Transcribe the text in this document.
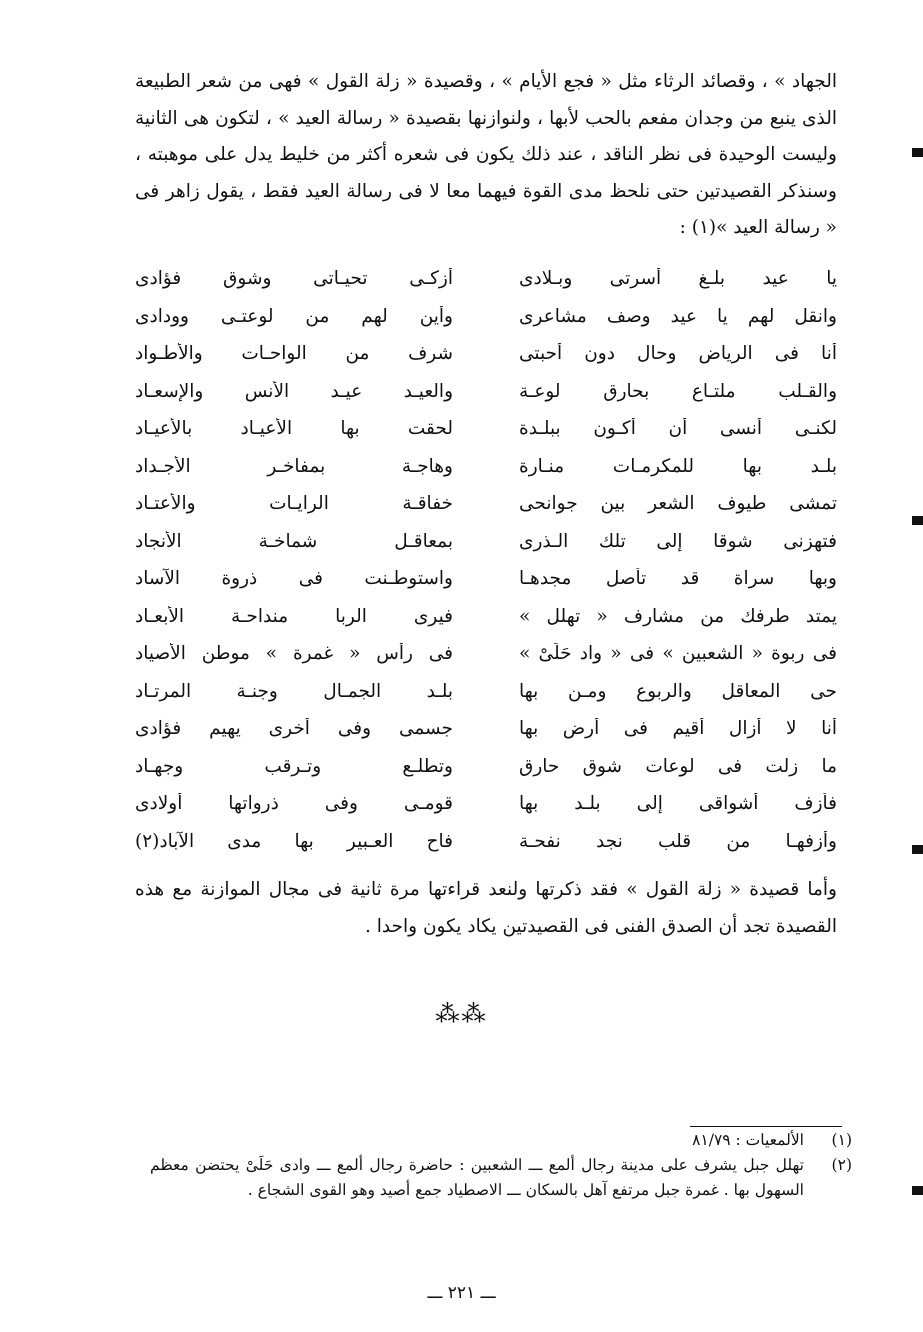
الجهاد » ، وقصائد الرثاء مثل « فجع الأيام » ، وقصيدة « زلة القول » فهى من شعر الطبيعة الذى ينبع من وجدان مفعم بالحب لأبها ، ولنوازنها بقصيدة « رسالة العيد » ، لتكون هى الثانية وليست الوحيدة فى نظر الناقد ، عند ذلك يكون فى شعره أكثر من خليط يدل على موهبته ، وسنذكر القصيدتين حتى نلحظ مدى القوة فيهما معا لا فى رسالة العيد فقط ، يقول زاهر فى « رسالة العيد »(١) :

يا عيد بلـغ أسرتى وبـلادى
أزكـى تحيـاتى وشوق فؤادى
وانقل لهم يا عيد وصف مشاعرى
وأين لهم من لوعتـى وودادى
أنا فى الرياض وحال دون أحبتى
شرف من الواحـات والأطـواد
والقـلب ملتـاع بحارق لوعـة
والعيـد عيـد الأنس والإسعـاد
لكنـى أنسى أن أكـون ببلـدة
لحقت بها الأعيـاد بالأعيـاد
بلـد بها للمكرمـات منـارة
وهاجـة بمفاخـر الأجـداد
تمشى طيوف الشعر بين جوانحى
خفاقـة الرايـات والأعتـاد
فتهزنى شوقا إلى تلك الـذرى
بمعاقـل شماخـة الأنجاد
وبها سراة قد تأصل مجدهـا
واستوطـنت فى ذروة الآساد
يمتد طرفك من مشارف « تهلل »
فيرى الربا منداحـة الأبعـاد
فى ربوة « الشعبين » فى « واد حَلَىْ »
فى رأس « غمرة » موطن الأصياد
حى المعاقل والربوع ومـن بها
بلـد الجمـال وجنـة المرتـاد
أنا لا أزال أقيم فى أرض بها
جسمى وفى أخرى يهيم فؤادى
ما زلت فى لوعات شوق حارق
وتطلـع وتـرقب وجهـاد
فأزف أشواقى إلى بلـد بها
قومـى وفى ذرواتها أولادى
وأزفهـا من قلب نجد نفحـة
فاح العـبير بها مدى الآباد(٢)

وأما قصيدة « زلة القول » فقد ذكرتها ولنعد قراءتها مرة ثانية فى مجال الموازنة مع هذه القصيدة تجد أن الصدق الفنى فى القصيدتين يكاد يكون واحدا .

⁂⁂
(١)
الألمعيات : ٨١/٧٩
(٢)
تهلل جبل يشرف على مدينة رجال ألمع ـــ الشعبين : حاضرة رجال ألمع ـــ وادى حَلَىْ يحتضن معظم السهول بها . غمرة جبل مرتفع آهل بالسكان ـــ الاصطياد جمع أصيد وهو القوى الشجاع .
ـــ ٢٢١ ـــ
